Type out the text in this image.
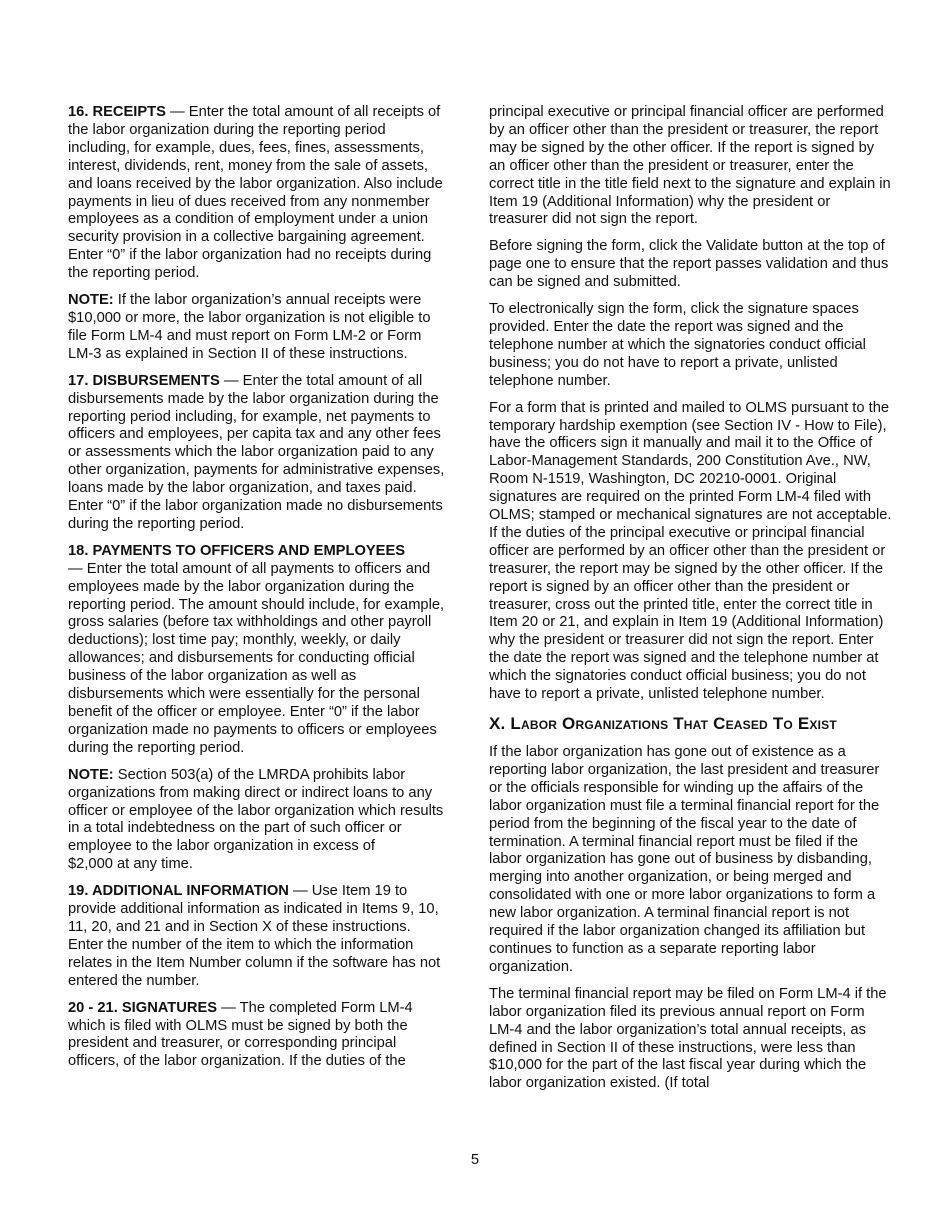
16. RECEIPTS — Enter the total amount of all receipts of the labor organization during the reporting period including, for example, dues, fees, fines, assessments, interest, dividends, rent, money from the sale of assets, and loans received by the labor organization. Also include payments in lieu of dues received from any nonmember employees as a condition of employment under a union security provision in a collective bargaining agreement. Enter “0” if the labor organization had no receipts during the reporting period.

NOTE: If the labor organization’s annual receipts were $10,000 or more, the labor organization is not eligible to file Form LM-4 and must report on Form LM-2 or Form LM-3 as explained in Section II of these instructions.

17. DISBURSEMENTS — Enter the total amount of all disbursements made by the labor organization during the reporting period including, for example, net payments to officers and employees, per capita tax and any other fees or assessments which the labor organization paid to any other organization, payments for administrative expenses, loans made by the labor organization, and taxes paid. Enter “0” if the labor organization made no disbursements during the reporting period.

18. PAYMENTS TO OFFICERS AND EMPLOYEES
— Enter the total amount of all payments to officers and employees made by the labor organization during the reporting period. The amount should include, for example, gross salaries (before tax withholdings and other payroll deductions); lost time pay; monthly, weekly, or daily allowances; and disbursements for conducting official business of the labor organization as well as disbursements which were essentially for the personal benefit of the officer or employee. Enter “0” if the labor organization made no payments to officers or employees during the reporting period.

NOTE: Section 503(a) of the LMRDA prohibits labor organizations from making direct or indirect loans to any officer or employee of the labor organization which results in a total indebtedness on the part of such officer or employee to the labor organization in excess of
$2,000 at any time.

19. ADDITIONAL INFORMATION — Use Item 19 to provide additional information as indicated in Items 9, 10, 11, 20, and 21 and in Section X of these instructions. Enter the number of the item to which the information relates in the Item Number column if the software has not entered the number.

20 - 21. SIGNATURES — The completed Form LM-4 which is filed with OLMS must be signed by both the president and treasurer, or corresponding principal officers, of the labor organization. If the duties of the

principal executive or principal financial officer are performed by an officer other than the president or treasurer, the report may be signed by the other officer. If the report is signed by an officer other than the president or treasurer, enter the correct title in the title field next to the signature and explain in Item 19 (Additional Information) why the president or treasurer did not sign the report.

Before signing the form, click the Validate button at the top of page one to ensure that the report passes validation and thus can be signed and submitted.

To electronically sign the form, click the signature spaces provided. Enter the date the report was signed and the telephone number at which the signatories conduct official business; you do not have to report a private, unlisted telephone number.

For a form that is printed and mailed to OLMS pursuant to the temporary hardship exemption (see Section IV - How to File), have the officers sign it manually and mail it to the Office of Labor-Management Standards, 200 Constitution Ave., NW, Room N-1519, Washington, DC 20210-0001. Original signatures are required on the printed Form LM-4 filed with OLMS; stamped or mechanical signatures are not acceptable. If the duties of the principal executive or principal financial officer are performed by an officer other than the president or treasurer, the report may be signed by the other officer. If the report is signed by an officer other than the president or treasurer, cross out the printed title, enter the correct title in Item 20 or 21, and explain in Item 19 (Additional Information) why the president or treasurer did not sign the report. Enter the date the report was signed and the telephone number at which the signatories conduct official business; you do not have to report a private, unlisted telephone number.

X. Labor Organizations That Ceased To Exist

If the labor organization has gone out of existence as a reporting labor organization, the last president and treasurer or the officials responsible for winding up the affairs of the labor organization must file a terminal financial report for the period from the beginning of the fiscal year to the date of termination. A terminal financial report must be filed if the labor organization has gone out of business by disbanding, merging into another organization, or being merged and consolidated with one or more labor organizations to form a new labor organization. A terminal financial report is not required if the labor organization changed its affiliation but continues to function as a separate reporting labor organization.

The terminal financial report may be filed on Form LM-4 if the labor organization filed its previous annual report on Form LM-4 and the labor organization’s total annual receipts, as defined in Section II of these instructions, were less than $10,000 for the part of the last fiscal year during which the labor organization existed. (If total

5
